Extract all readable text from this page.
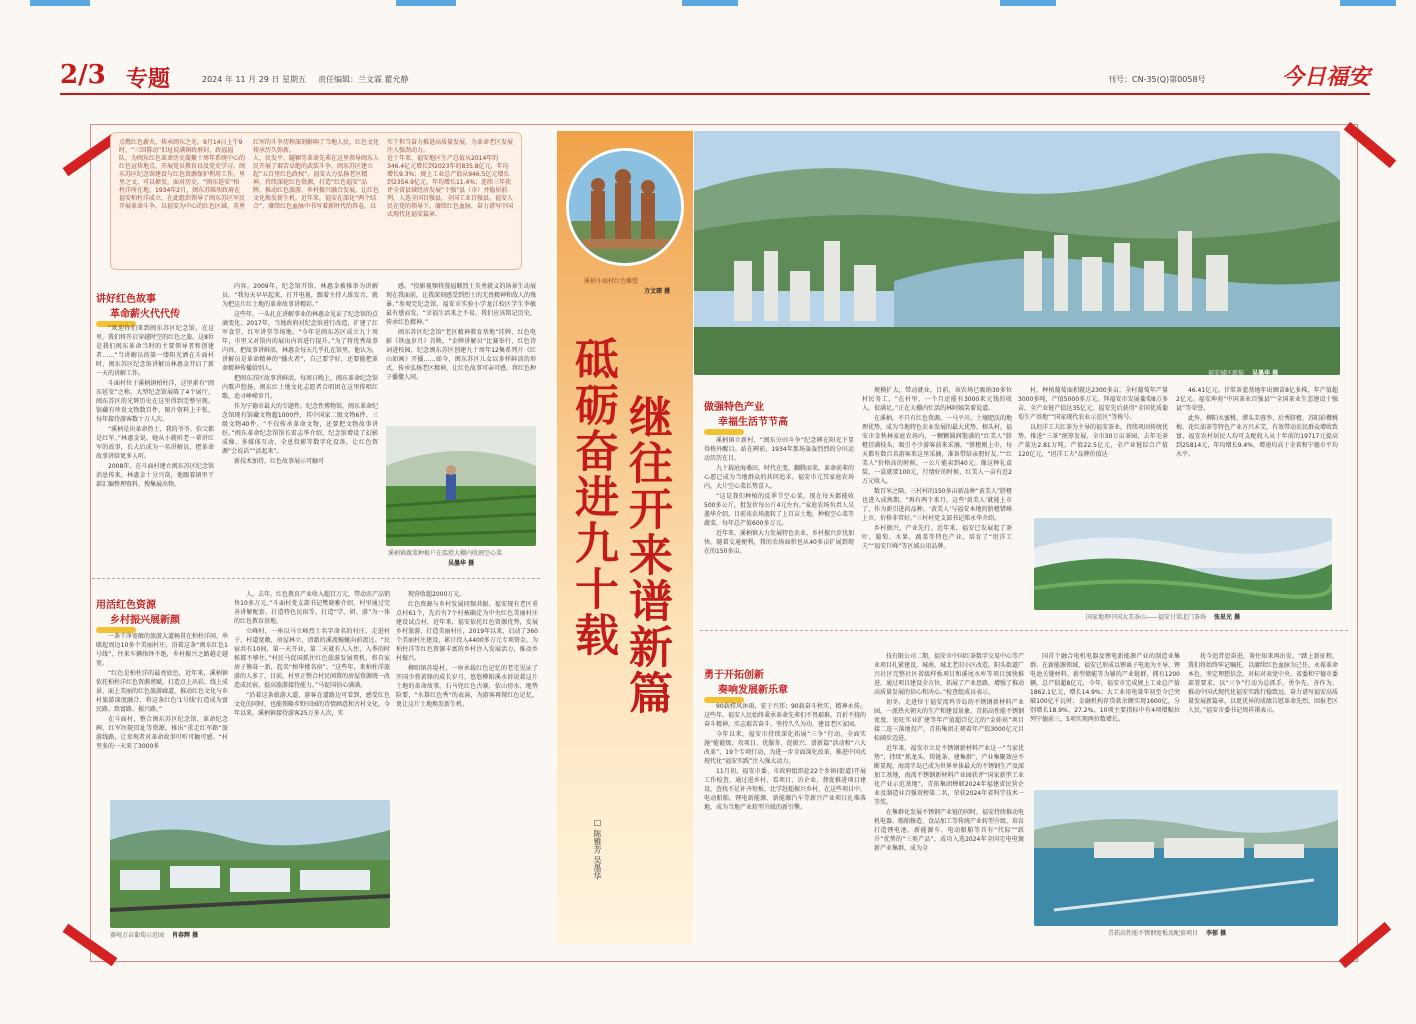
2/3 专题	2024 年 11 月 29 日 星期五 责任编辑：兰文霖 瞿允静	刊号：CN-35(Q)第0058号	今日福安

点燃红色薪火，传承闽东之光。9月14日上午9时，“三回幕动”旧址说满镇政府封，政福福队，为闽东红色革命历史凝聚十周年系统中心的红色宣传地点，开展党员教育以及党史学习，闽东苏区纪念馆建设与红色资源保护利用工作。里里之文，可以撩发，面对历史，“闽东延安”柏柱洋所在地，1934年2月，闽东苏维埃政府在福安柏柱洋成立，在此组织领导了闽东苏区军民开展革命斗争，以福安为中心的红色区域，英勇红军的斗争历程深刻影响了当地人民，红色文化传承历久弥新。

人、民发平、隧颖等革命先辈在这里领导闽东人民开展了艰苦卓绝的武装斗争，闽东苏区建立起“五百里红色政权”。福安大力弘扬老区精神，持续深挖红色资源，打造“红色福安”品牌，推动红色旅游、乡村振兴融合发展，让红色文化焕发新生机。近年来，福安在深化“两个结合”、赓续红色血脉中书写着新时代的答卷，以实干担当奋力推进高质量发展，为革命老区发展注入强劲动力。

近十年来，福安地区生产总值从2014年的346.4亿元增长到2023年的835.8亿元，年均增长9.3%；规上工业总产值从946.5亿元增长到2354.9亿元，年均增长11.4%；连续三年获评全省县域经济发展“十强”县（市）并稳居前列，人选全国百强县，全国工业百强县。福安人民在党的领导下，赓续红色血脉，奋力谱写中国式现代化福安篇章。

讲好红色故事
革命薪火代代传

“欢迎你们来到闽东苏区纪念馆，在这里，我们将开启穿越时空的红色之旅。这8位是我们闽东革命当时的主要领导者和创建者……”当讲解员的第一缕阳光洒在斗面村时，闽东苏区纪念馆讲解员林惠金开启了新一天的讲解工作。

斗面村位于溪柄镇柏柱洋，这里素有“闽东延安”之称。大型纪念馆展陈了4个展厅，闽东苏区的光辉历史在这里得到完整呈现。馆藏有珍贵文物数百件，图片资料上千张，每年接待游客数十万人次。

“溪柄是块革命热土，我的爷爷、伯父都是红军。”林惠金说，她从小就听老一辈讲红军的故事，长大后成为一名讲解员，把革命故事讲给更多人听。

2008年，在斗面村建立闽东苏区纪念馆消息传来，林惠金十分兴奋，他跟着镇里干部汇编整理资料，搜集展出物。

内容。2009年，纪念馆开馆，林惠金被推举为讲解员。“我每天早早起来，打开电视，跟着主持人练发音，就为把这片红土地的革命故事讲精彩。”

这些年，一头扎在讲解事业的林惠金见证了纪念馆的点滴变化。2017年，当地政府对纪念馆进行改造，扩建了红军食堂、红军讲堂等场地。“今年是闽东苏区成立九十周年，市里又对馆内的展出内容进行提升。”为了将优秀故事内容，把故事讲鲜活，林惠金每天几乎扎在馆里，他认为，讲解员是革命精神的“播火者”，自己要学好，还要能把革命精神传播给别人。

把闽东苏区故事讲鲜活，每周日晚上，闽东革命纪念馆内歌声悠扬，闽东红土地文化志愿者合唱团在这里传唱红歌，追寻峥嵘岁月。

作为宁德市最大的专题性、纪念性博物馆，闽东革命纪念馆现有馆藏文物超1000件，其中国家二级文物6件、三级文物40件。“不仅传承革命文物，还要把文物故事讲好。”闽东革命纪念馆馆长雷志华介绍，纪念馆增设了幻影成像、多媒体互动、全息投影等数字化设备，让红色资源“会说话”“活起来”。

新技术加持，红色故事展示可触可

感。“投影视频将漫福顺烈士英勇就义的场景生动展现在我面前，让我深刻感受到烈士的无畏精神和敌人的残暴。”参观完纪念馆，福安市实验小学龙江校区学生李敏最有感而发，“幸福生活来之不易，我们应该铭记历史，传承红色精神。”

闽东苏区纪念馆“老区精神教育基地”挂牌，红色电影《铁血岁月》首映，“金牌讲解员”比赛举行，红色诗词进校园，纪念闽东苏区创建九十周年12集系列片《红山如画》开播……如今，闽东苏区儿女以多样鲜活的形式，传承弘扬老区精神，让红色故事可亲可感，将红色种子播撒人间。

溪柄镇蔬菜种植户在温控大棚内收割空心菜
吴墨华 摄
用活红色资源
乡村振兴展新颜

一条干净宽敞的旅游大道畅贯在柏柱洋间，串联起周边10多个美丽村庄，沿着这条“闽东红色1号线”，往来车辆络绎不绝，乡村振兴之路越走越宽。

“红色是柏柱洋的最亮底色，近年来，溪柄镇依托柏柱洋红色资源禀赋，打造点上出彩、线上成景、面上美丽的红色旅游廊道，推动红色文化与乡村旅游深度融合，将这条红色‘1号线’打造成为富民路、致富路、振兴路。”

在斗面村，整合闽东苏区纪念馆、革命纪念碑、红军医院旧址等资源，推出“重走红军路”旅游线路，让参观者对革命故事可听可触可感。“村里多的一天来了3000多

人，去年，红色教育产业收入超百万元，带动农产品销售10多万元。”斗面村党支部书记樊晓雅介绍，村里通过完善讲解配套、打造特色民宿等，打造“学、研、游”为一体的红色教育基地。

立峰村，一座以马立峰烈士名字命名的村庄，走进村子，村道宽敞，房屋林立，清澈的溪流蜿蜒向前流过。“民宿共有10间，第一天开业，第二天就有人入住，入季的时候都不够住。”村民马促国抓住红色旅游发展契机，将自家房子修葺一新，起名“榕华楼名宿”。“这些年，来柏柱洋旅游的人多了，目前，村里正整合村民闲置的房屋资源统一改造成民宿，提高旅游接待能力。”马促国信心满满。

“沿着这条旅游大道，游客在道路边可看到，感受红色文化的同时，也能领略乡野田园的诗情画意和古村文化。今年以来，溪柄镇接待游客25万多人次，实

现营收超2000万元。

红色资源与乡村发展同频共振。福安现有老区重点村61个，先后有7个村被确定为中央红色美丽村庄建设试点村，近年来，福安依托红色资源优势，发展乡村旅游，打造美丽村庄，2019年以来，启动了360个美丽村庄建设，累计投入4400多万元专项资金，为柏柱洋等红色资源丰富的乡村注入发展活力，推动乡村振兴。

柳阳镇苏堤村，一座承载红色记忆的老宅见证了开国少将黄锋的成长岁月，悠悠柳阳溪水诉说着这片土地的革命故事。石马兜红色古寨，依山傍水，地势险要，“水幕红色秀”的表演，为游客再现红色记忆，更让这片土地焕发新生机。

赛岐万亩葡萄示范园 肖春辉 摄
溪柄斗面村红色雕塑
方文琛 摄
砥砺奋进九十载 继往开来谱新篇
□ 陈雅芳 吴墨华
福安城区新貌 吴墨华 摄
做强特色产业
幸福生活节节高

溪柄镇立新村，“闽东分田斗争”纪念碑在阳光下显得格外醒目。站在碑前，1934年那场轰轰烈烈的分田运动历历在目。

九十载沧海桑田，时代在变，翻腾而来，革命前辈的心愿已成为当地群众的共同追求。福安市元冥家庭农场内，大片空心菜长势喜人。

“这是我们种植的反季节空心菜，现在每天都能收500多公斤，批发价每公斤4元左右。”家庭农场负责人吴墨华介绍，目前该农场流转了上百亩土地，种植空心菜等蔬菜，每年总产值600多万元。

近年来，溪柄镇大力发展特色农业，乡村振兴步伐加快。随着交通便利，我的农场面积也从40多亩扩展到现在的150多亩。

规模扩大，带动就业。目前，该农场已吸纳30多位村民务工，“在村里，一个月还能有3000来元钱的收入，很满足。”正在大棚内忙活的林阿姨笑着说道。

在溪柄，不只有红色资源，一马平川、土壤肥沃的地理优势，成为当地特色农业发展的最大优势。榕头村，福安市金秋林家庭农场内，一颗颗圆润饱满的“红美人”脐橙挂满枝头，吸引不少游客前来采摘。“脐橙刚上市，每天都有数百名游客来这里采摘，准备带给亲朋好友。”“红美人”价格高的时候，一公斤能卖到40元。像这种礼盒装，一盒就要100元，行情好的时候，红美人一亩有近2万元收入。

数百米之隔，三村村的150多亩新品种“黄美人”脐橙也进入成熟期。“再有两个来月，这些‘黄美人’就能上市了，作为新引进的品种，‘黄美人’与福安本地的脐橙错峰上市，价格非常好。”三村村党支部书记郑永华介绍。

乡村振兴，产业先行。近年来，福安已发展起了茶叶、葡萄、水果、蔬菜等特色产业，培育了“坦洋工夫”“福安巨峰”等区域公用品牌。

村，种植葡萄面积就达2300多亩，全村葡萄年产量3000多吨，产值5000多万元。拜福安市发展葡萄8万多亩，全产业链产值达35亿元，福安先后获得“全国优质葡萄生产基地”“国家现代农业示范区”等称号。

以坦洋工夫红茶为主导的福安茶业，持续巩固传统优势，推进“三茶”统筹发展，全市30万亩茶园，去年毛茶产量达2.81万吨，产值22.5亿元，全产业链综合产值120亿元，“坦洋工夫”品牌价值达

46.41亿元。甘棠茶蓝基地年出圃苗8亿多株，年产值超2亿元。福安坤苑“中国茶业百强县”“全国茶业生态建设十强县”等荣誉。

此外，柳阳水蜜桃、潭头芙蓉李、后秀脐橙、苏阳彩樱桃梅，花红油茶等特色产业方兴未艾，有效带动农民群众增收致富，福安农村居民人均可支配收入从十年前的19717元提高到25814元，年均增长9.4%，增速均高于全省和宁德市平均水平。

国家地理中国大美茶山——福安甘棠北门茶场 张星光 摄
勇于开拓创新
奏响发展新乐章

90载栉风沐雨，宏于兴邦；90载奋斗秋实，精神永传。这些年，福安人民始终秉承革命先辈们不畏艰难、百折不挠的奋斗精神，实志艰苦奋斗、坚持久久为功，建设老区家园。

今年以来，福安市持续深化拓展“三争”行动，全面实施“能能级、攻项目、优服务、促振兴、谱新篇”活动和“六大改革”，19个专项行动，为进一步全面深化改革，推进中国式现代化“福安实践”注入强大动力。

11月初，福安市委、市政府组织赴22个乡镇(街道)开展工作检查，通过进乡村、看项目、访企业、督促推进项目建设，查找不足补齐短板，比学赶超振兴乡村，在这些项目中，电动船舶、锂电新能源、新能源汽车等新兴产业项目扎堆落地，成为当地产业转型升级的新引擎。

技有限公司二期，福安市中国红茶数字交易中心等产业项目扎紧建设，城南、城北老旧小区改造，阳头街道广兴社区完整社区省级样板项目和溪尾水库等项目加快推进，通过项目建设全方位，拓展了产业思路，增强了推动高质量发展的信心和决心。”检查组成员表示。

初冬，走进位于福安湾鸡爷岛的不锈钢新材料产业园，一派热火朝天的生产和建设景象。青拓高性能不锈钢宽度、宏旺实业扩建等年产值超百亿元的“金娃娃”项目接二连三落地投产，青拓集团正朝着年产值3000亿元目标阔步迈进。

近年来，福安市立足不锈钢新材料产业这一“当家优势”，持续“抓龙头、铸链条、建集群”，产业集聚效应不断显现，海湾半岛已成为世界单体最大的不锈钢生产及深加工基地，海湾不锈钢新材料产业园获评“国家新型工业化产业示范基地”，青拓集团蝉联2024年福建省民营企业及制造业百强双榜第二名，荣获2024年省科学技术一等奖。

在集群化发展不锈钢产业链的同时，福安持续推动电机电器、船舶修造、食品加工等传统产业转型升级，培育打造锂电池、新能源车、电动船舶等具有“代际”“跃升”优势的“三类产品”，成功入选2024年全国宅电电镀新产业集群，成为全

国首个融合电机电器及锂电新能源产业的制造业集群。在新能源领域，福安已形成以锂离子电池为主导、锂电池关键材料、新型储能等为辅的产业链群，拥有1200辆，总产值超8亿元，今年，福安市完成规上工业总产值1862.1亿元，增长14.9%；大工业用电量年初至今已突破100亿千瓦时；金融机构存贷款余额实现1600亿，分别增长18.9%、27.2%。10项主要指标中有4项增幅位列宁德前三，5项实现两位数增长。

抚今追昔思奋进，鉴往知来再出发。“踏上新征程，我们将始终牢记嘱托，以赓续红色血脉为己任，永葆革命本色，坚定理想信念，对标对表党中央、省委和宁德市委部署要求，以“三争”行动为总抓手，勇争先、善作为，推动中国式现代化福安实践行稳致远，奋力谱写福安高质量发展新篇章，以更优异的成绩告慰革命先烈，回报老区人民。”福安市委书记周祥祺表示。

青拓高性能不锈钢宽板及配套项目 李郁 摄
